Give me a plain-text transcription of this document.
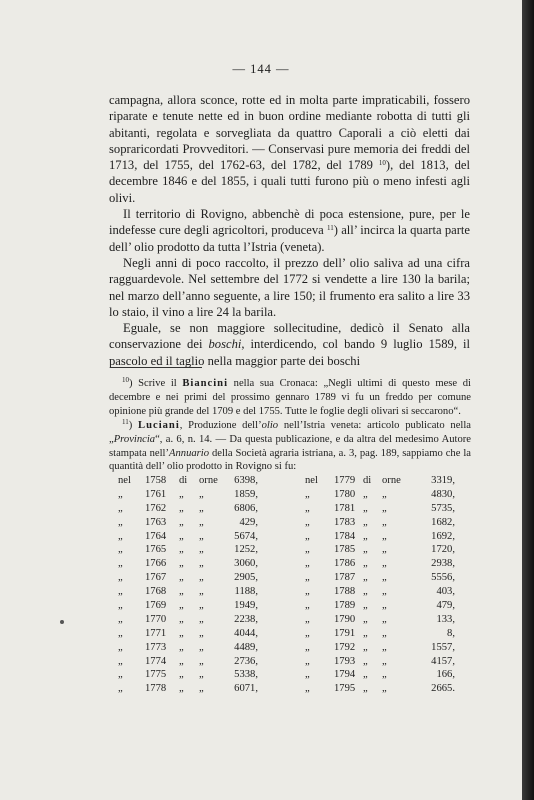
— 144 —

campagna, allora sconce, rotte ed in molta parte impraticabili, fossero riparate e tenute nette ed in buon ordine mediante robotta di tutti gli abitanti, regolata e sorvegliata da quattro Caporali a ciò eletti dai sopraricordati Provveditori. — Conservasi pure memoria dei freddi del 1713, del 1755, del 1762-63, del 1782, del 1789 $^{10}$), del 1813, del decembre 1846 e del 1855, i quali tutti furono più o meno infesti agli olivi.

Il territorio di Rovigno, abbenchè di poca estensione, pure, per le indefesse cure degli agricoltori, produceva $^{11}$) all’ incirca la quarta parte dell’ olio prodotto da tutta l’Istria (veneta).

Negli anni di poco raccolto, il prezzo dell’ olio saliva ad una cifra ragguardevole. Nel settembre del 1772 si vendette a lire 130 la barila; nel marzo dell’anno seguente, a lire 150; il frumento era salito a lire 33 lo staio, il vino a lire 24 la barila.

Eguale, se non maggiore sollecitudine, dedicò il Senato alla conservazione dei boschi, interdicendo, col bando 9 luglio 1589, il pascolo ed il taglio nella maggior parte dei boschi

$^{10}$) Scrive il Biancini nella sua Cronaca: „Negli ultimi di questo mese di decembre e nei primi del prossimo gennaro 1789 vi fu un freddo per comune opinione più grande del 1709 e del 1755. Tutte le foglie degli olivari si seccarono“.

$^{11}$) Luciani, Produzione dell’olio nell’Istria veneta: articolo publicato nella „Provincia“, a. 6, n. 14. — Da questa publicazione, e da altra del medesimo Autore stampata nell’Annuario della Società agraria istriana, a. 3, pag. 189, sappiamo che la quantità dell’ olio prodotto in Rovigno si fu:

nel 1758 di orne 6398,	nel 1779 di orne	3319,
„ 1761 „ „	1859,	„ 1780 „ „	4830,
„ 1762 „ „	6806,	„ 1781 „ „	5735,
„ 1763 „ „	429,	„ 1783 „ „	1682,
„ 1764 „ „	5674,	„ 1784 „ „	1692,
„ 1765 „ „	1252,	„ 1785 „ „	1720,
„ 1766 „ „	3060,	„ 1786 „ „	2938,
„ 1767 „ „	2905,	„ 1787 „ „	5556,
„ 1768 „ „	1188,	„ 1788 „ „	403,
„ 1769 „ „	1949,	„ 1789 „ „	479,
„ 1770 „ „	2238,	„ 1790 „ „	133,
„ 1771 „ „	4044,	„ 1791 „ „	8,
„ 1773 „ „	4489,	„ 1792 „ „	1557,
„ 1774 „ „	2736,	„ 1793 „ „	4157,
„ 1775 „ „	5338,	„ 1794 „ „	166,
„ 1778 „ „	6071,	„ 1795 „ „	2665.
